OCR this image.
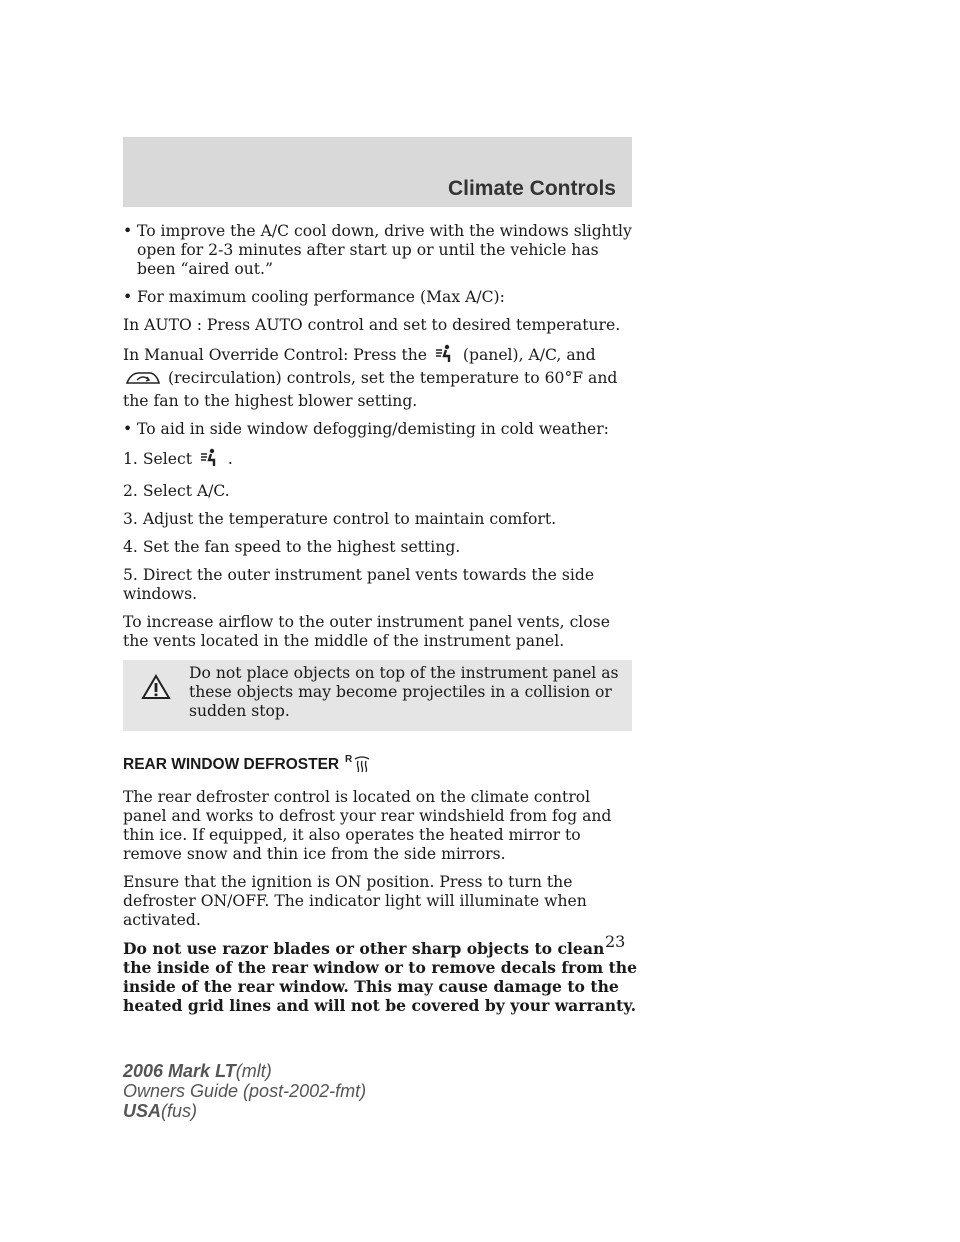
Climate Controls
• To improve the A/C cool down, drive with the windows slightly open for 2-3 minutes after start up or until the vehicle has been “aired out.”
• For maximum cooling performance (Max A/C):

In AUTO : Press AUTO control and set to desired temperature.

In Manual Override Control: Press the (panel), A/C, and  (recirculation) controls, set the temperature to 60°F and the fan to the highest blower setting.

• To aid in side window defogging/demisting in cold weather:

1. Select .

2. Select A/C.

3. Adjust the temperature control to maintain comfort.

4. Set the fan speed to the highest setting.

5. Direct the outer instrument panel vents towards the side windows.

To increase airflow to the outer instrument panel vents, close the vents located in the middle of the instrument panel.

Do not place objects on top of the instrument panel as these objects may become projectiles in a collision or sudden stop.
REAR WINDOW DEFROSTER R

The rear defroster control is located on the climate control panel and works to defrost your rear windshield from fog and thin ice. If equipped, it also operates the heated mirror to remove snow and thin ice from the side mirrors.

Ensure that the ignition is ON position. Press to turn the defroster ON/OFF. The indicator light will illuminate when activated.

Do not use razor blades or other sharp objects to clean the inside of the rear window or to remove decals from the inside of the rear window. This may cause damage to the heated grid lines and will not be covered by your warranty.

23
2006 Mark LT(mlt)
Owners Guide (post-2002-fmt)
USA(fus)
